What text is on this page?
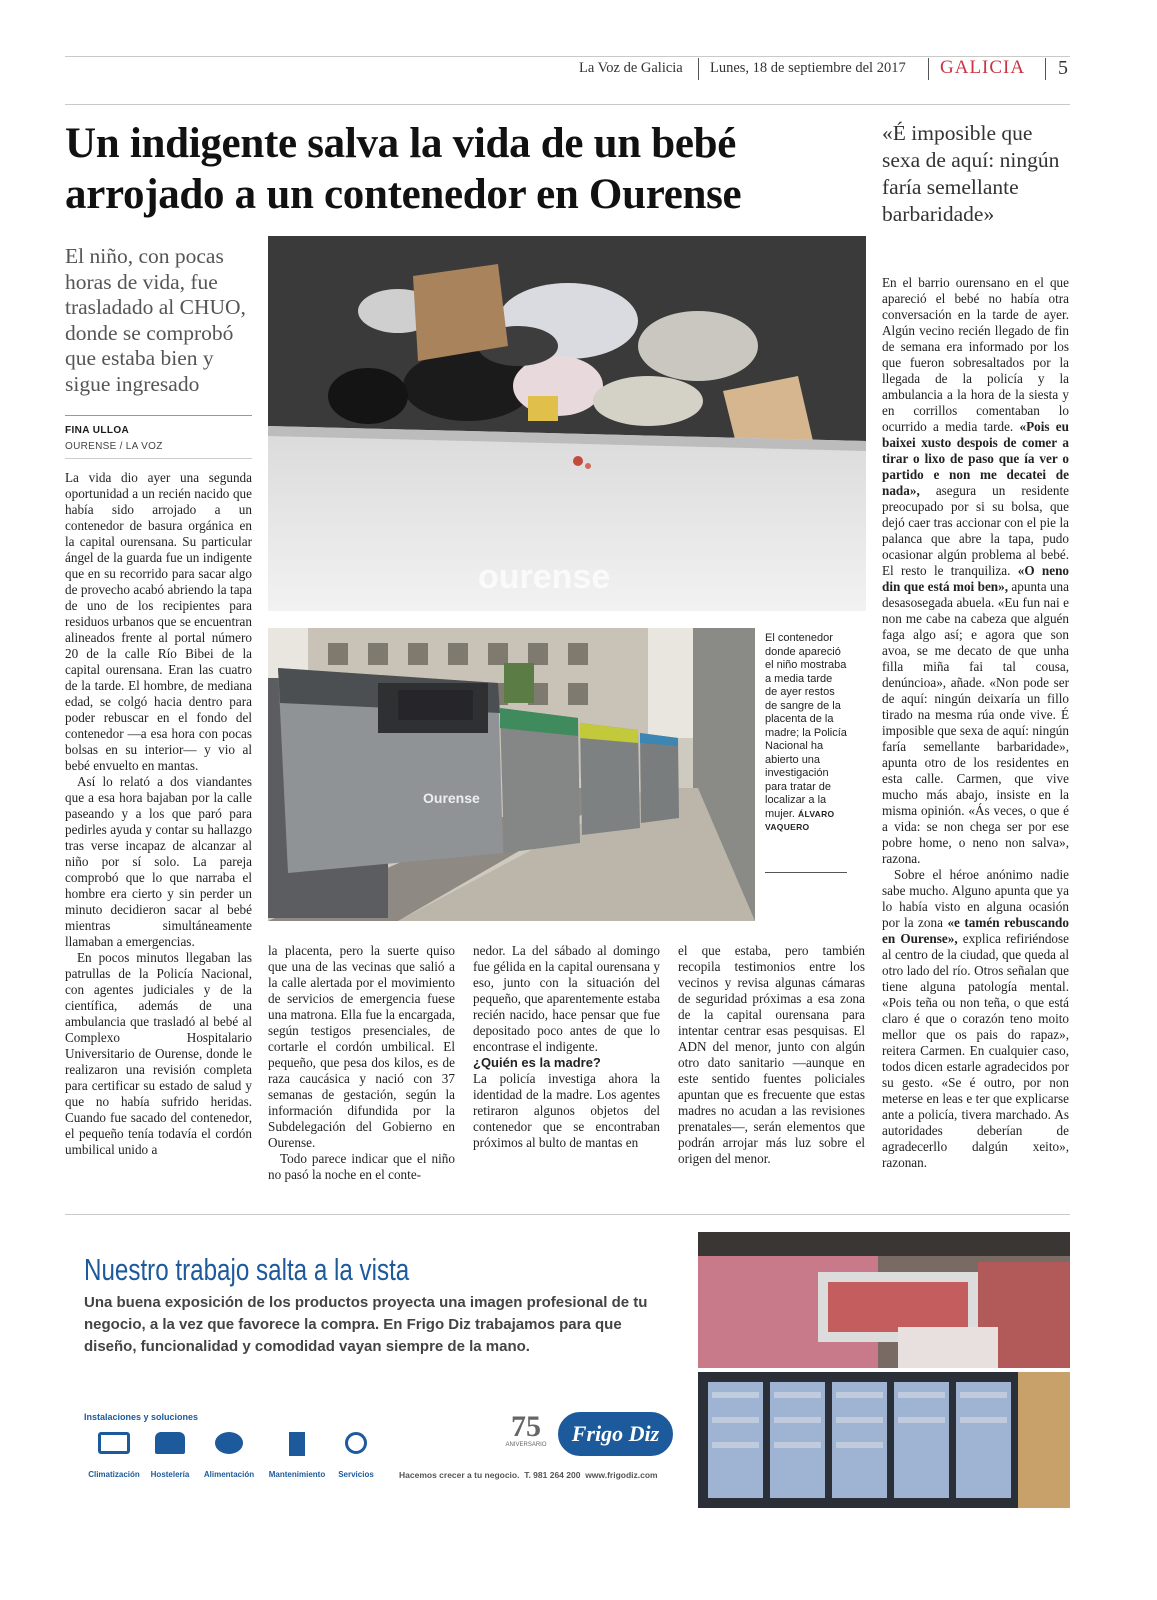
La Voz de Galicia Lunes, 18 de septiembre del 2017 GALICIA 5
Un indigente salva la vida de un bebé arrojado a un contenedor en Ourense
El niño, con pocas horas de vida, fue trasladado al CHUO, donde se comprobó que estaba bien y sigue ingresado
FINA ULLOA
OURENSE / LA VOZ
ourense
Ourense
El contenedor donde apareció el niño mostraba a media tarde de ayer restos de sangre de la placenta de la madre; la Policía Nacional ha abierto una investigación para tratar de localizar a la mujer. ÁLVARO VAQUERO

La vida dio ayer una segunda oportunidad a un recién nacido que había sido arrojado a un contenedor de basura orgánica en la capital ourensana. Su particular ángel de la guarda fue un indigente que en su recorrido para sacar algo de provecho acabó abriendo la tapa de uno de los recipientes para residuos urbanos que se encuentran alineados frente al portal número 20 de la calle Río Bibei de la capital ourensana. Eran las cuatro de la tarde. El hombre, de mediana edad, se colgó hacia dentro para poder rebuscar en el fondo del contenedor —a esa hora con pocas bolsas en su interior— y vio al bebé envuelto en mantas.

Así lo relató a dos viandantes que a esa hora bajaban por la calle paseando y a los que paró para pedirles ayuda y contar su hallazgo tras verse incapaz de alcanzar al niño por sí solo. La pareja comprobó que lo que narraba el hombre era cierto y sin perder un minuto decidieron sacar al bebé mientras simultáneamente llamaban a emergencias.

En pocos minutos llegaban las patrullas de la Policía Nacional, con agentes judiciales y de la científica, además de una ambulancia que trasladó al bebé al Complexo Hospitalario Universitario de Ourense, donde le realizaron una revisión completa para certificar su estado de salud y que no había sufrido heridas. Cuando fue sacado del contenedor, el pequeño tenía todavía el cordón umbilical unido a

la placenta, pero la suerte quiso que una de las vecinas que salió a la calle alertada por el movimiento de servicios de emergencia fuese una matrona. Ella fue la encargada, según testigos presenciales, de cortarle el cordón umbilical. El pequeño, que pesa dos kilos, es de raza caucásica y nació con 37 semanas de gestación, según la información difundida por la Subdelegación del Gobierno en Ourense.

Todo parece indicar que el niño no pasó la noche en el conte-

nedor. La del sábado al domingo fue gélida en la capital ourensana y eso, junto con la situación del pequeño, que aparentemente estaba recién nacido, hace pensar que fue depositado poco antes de que lo encontrase el indigente.

¿Quién es la madre?

La policía investiga ahora la identidad de la madre. Los agentes retiraron algunos objetos del contenedor que se encontraban próximos al bulto de mantas en

el que estaba, pero también recopila testimonios entre los vecinos y revisa algunas cámaras de seguridad próximas a esa zona de la capital ourensana para intentar centrar esas pesquisas. El ADN del menor, junto con algún otro dato sanitario —aunque en este sentido fuentes policiales apuntan que es frecuente que estas madres no acudan a las revisiones prenatales—, serán elementos que podrán arrojar más luz sobre el origen del menor.

«É imposible que sexa de aquí: ningún faría semellante barbaridade»

En el barrio ourensano en el que apareció el bebé no había otra conversación en la tarde de ayer. Algún vecino recién llegado de fin de semana era informado por los que fueron sobresaltados por la llegada de la policía y la ambulancia a la hora de la siesta y en corrillos comentaban lo ocurrido a media tarde. «Pois eu baixei xusto despois de comer a tirar o lixo de paso que ía ver o partido e non me decatei de nada», asegura un residente preocupado por si su bolsa, que dejó caer tras accionar con el pie la palanca que abre la tapa, pudo ocasionar algún problema al bebé. El resto le tranquiliza. «O neno din que está moi ben», apunta una desasosegada abuela. «Eu fun nai e non me cabe na cabeza que alguén faga algo así; e agora que son avoa, se me decato de que unha filla miña fai tal cousa, denúncioa», añade. «Non pode ser de aquí: ningún deixaría un fillo tirado na mesma rúa onde vive. É imposible que sexa de aquí: ningún faría semellante barbaridade», apunta otro de los residentes en esta calle. Carmen, que vive mucho más abajo, insiste en la misma opinión. «Ás veces, o que é a vida: se non chega ser por ese pobre home, o neno non salva», razona.

Sobre el héroe anónimo nadie sabe mucho. Alguno apunta que ya lo había visto en alguna ocasión por la zona «e tamén rebuscando en Ourense», explica refiriéndose al centro de la ciudad, que queda al otro lado del río. Otros señalan que tiene alguna patología mental. «Pois teña ou non teña, o que está claro é que o corazón teno moito mellor que os pais do rapaz», reitera Carmen. En cualquier caso, todos dicen estarle agradecidos por su gesto. «Se é outro, por non meterse en leas e ter que explicarse ante a policía, tivera marchado. As autoridades deberían de agradecerllo dalgún xeito», razonan.

Nuestro trabajo salta a la vista
Una buena exposición de los productos proyecta una imagen profesional de tu negocio, a la vez que favorece la compra. En Frigo Diz trabajamos para que diseño, funcionalidad y comodidad vayan siempre de la mano.
Instalaciones y soluciones
Climatización	Hostelería	Alimentación	Mantenimiento	Servicios
75
ANIVERSARIO	Frigo Diz
Hacemos crecer a tu negocio. T. 981 264 200 www.frigodiz.com
